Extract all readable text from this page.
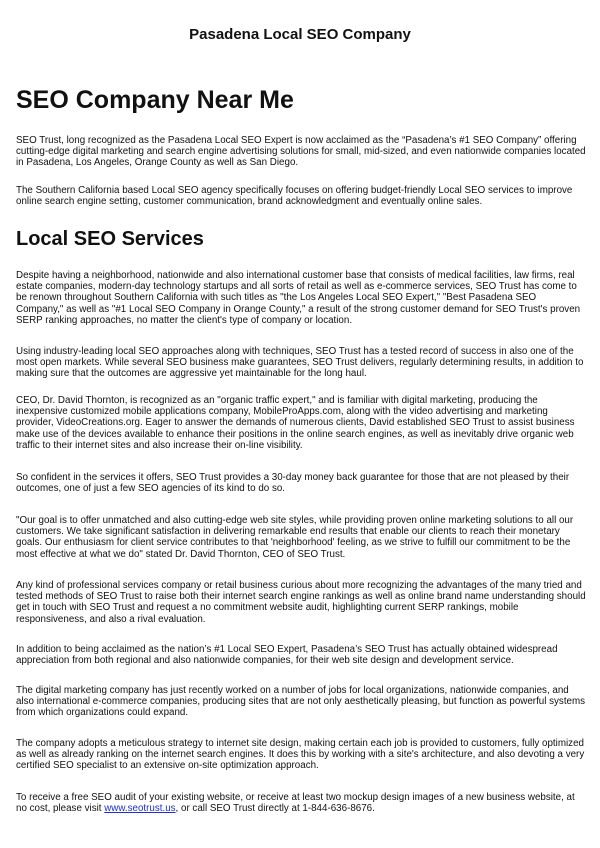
Pasadena Local SEO Company
SEO Company Near Me

SEO Trust, long recognized as the Pasadena Local SEO Expert is now acclaimed as the “Pasadena’s #1 SEO Company” offering cutting-edge digital marketing and search engine advertising solutions for small, mid-sized, and even nationwide companies located in Pasadena, Los Angeles, Orange County as well as San Diego.

The Southern California based Local SEO agency specifically focuses on offering budget-friendly Local SEO services to improve online search engine setting, customer communication, brand acknowledgment and eventually online sales.

Local SEO Services

Despite having a neighborhood, nationwide and also international customer base that consists of medical facilities, law firms, real estate companies, modern-day technology startups and all sorts of retail as well as e-commerce services, SEO Trust has come to be renown throughout Southern California with such titles as "the Los Angeles Local SEO Expert," "Best Pasadena SEO Company," as well as "#1 Local SEO Company in Orange County," a result of the strong customer demand for SEO Trust's proven SERP ranking approaches, no matter the client's type of company or location.

Using industry-leading local SEO approaches along with techniques, SEO Trust has a tested record of success in also one of the most open markets. While several SEO business make guarantees, SEO Trust delivers, regularly determining results, in addition to making sure that the outcomes are aggressive yet maintainable for the long haul.

CEO, Dr. David Thornton, is recognized as an "organic traffic expert," and is familiar with digital marketing, producing the inexpensive customized mobile applications company, MobileProApps.com, along with the video advertising and marketing provider, VideoCreations.org. Eager to answer the demands of numerous clients, David established SEO Trust to assist business make use of the devices available to enhance their positions in the online search engines, as well as inevitably drive organic web traffic to their internet sites and also increase their on-line visibility.

So confident in the services it offers, SEO Trust provides a 30-day money back guarantee for those that are not pleased by their outcomes, one of just a few SEO agencies of its kind to do so.

"Our goal is to offer unmatched and also cutting-edge web site styles, while providing proven online marketing solutions to all our customers. We take significant satisfaction in delivering remarkable end results that enable our clients to reach their monetary goals. Our enthusiasm for client service contributes to that 'neighborhood' feeling, as we strive to fulfill our commitment to be the most effective at what we do" stated Dr. David Thornton, CEO of SEO Trust.

Any kind of professional services company or retail business curious about more recognizing the advantages of the many tried and tested methods of SEO Trust to raise both their internet search engine rankings as well as online brand name understanding should get in touch with SEO Trust and request a no commitment website audit, highlighting current SERP rankings, mobile responsiveness, and also a rival evaluation.

In addition to being acclaimed as the nation’s #1 Local SEO Expert, Pasadena’s SEO Trust has actually obtained widespread appreciation from both regional and also nationwide companies, for their web site design and development service.

The digital marketing company has just recently worked on a number of jobs for local organizations, nationwide companies, and also international e-commerce companies, producing sites that are not only aesthetically pleasing, but function as powerful systems from which organizations could expand.

The company adopts a meticulous strategy to internet site design, making certain each job is provided to customers, fully optimized as well as already ranking on the internet search engines. It does this by working with a site's architecture, and also devoting a very certified SEO specialist to an extensive on-site optimization approach.

To receive a free SEO audit of your existing website, or receive at least two mockup design images of a new business website, at no cost, please visit www.seotrust.us, or call SEO Trust directly at 1-844-636-8676.
